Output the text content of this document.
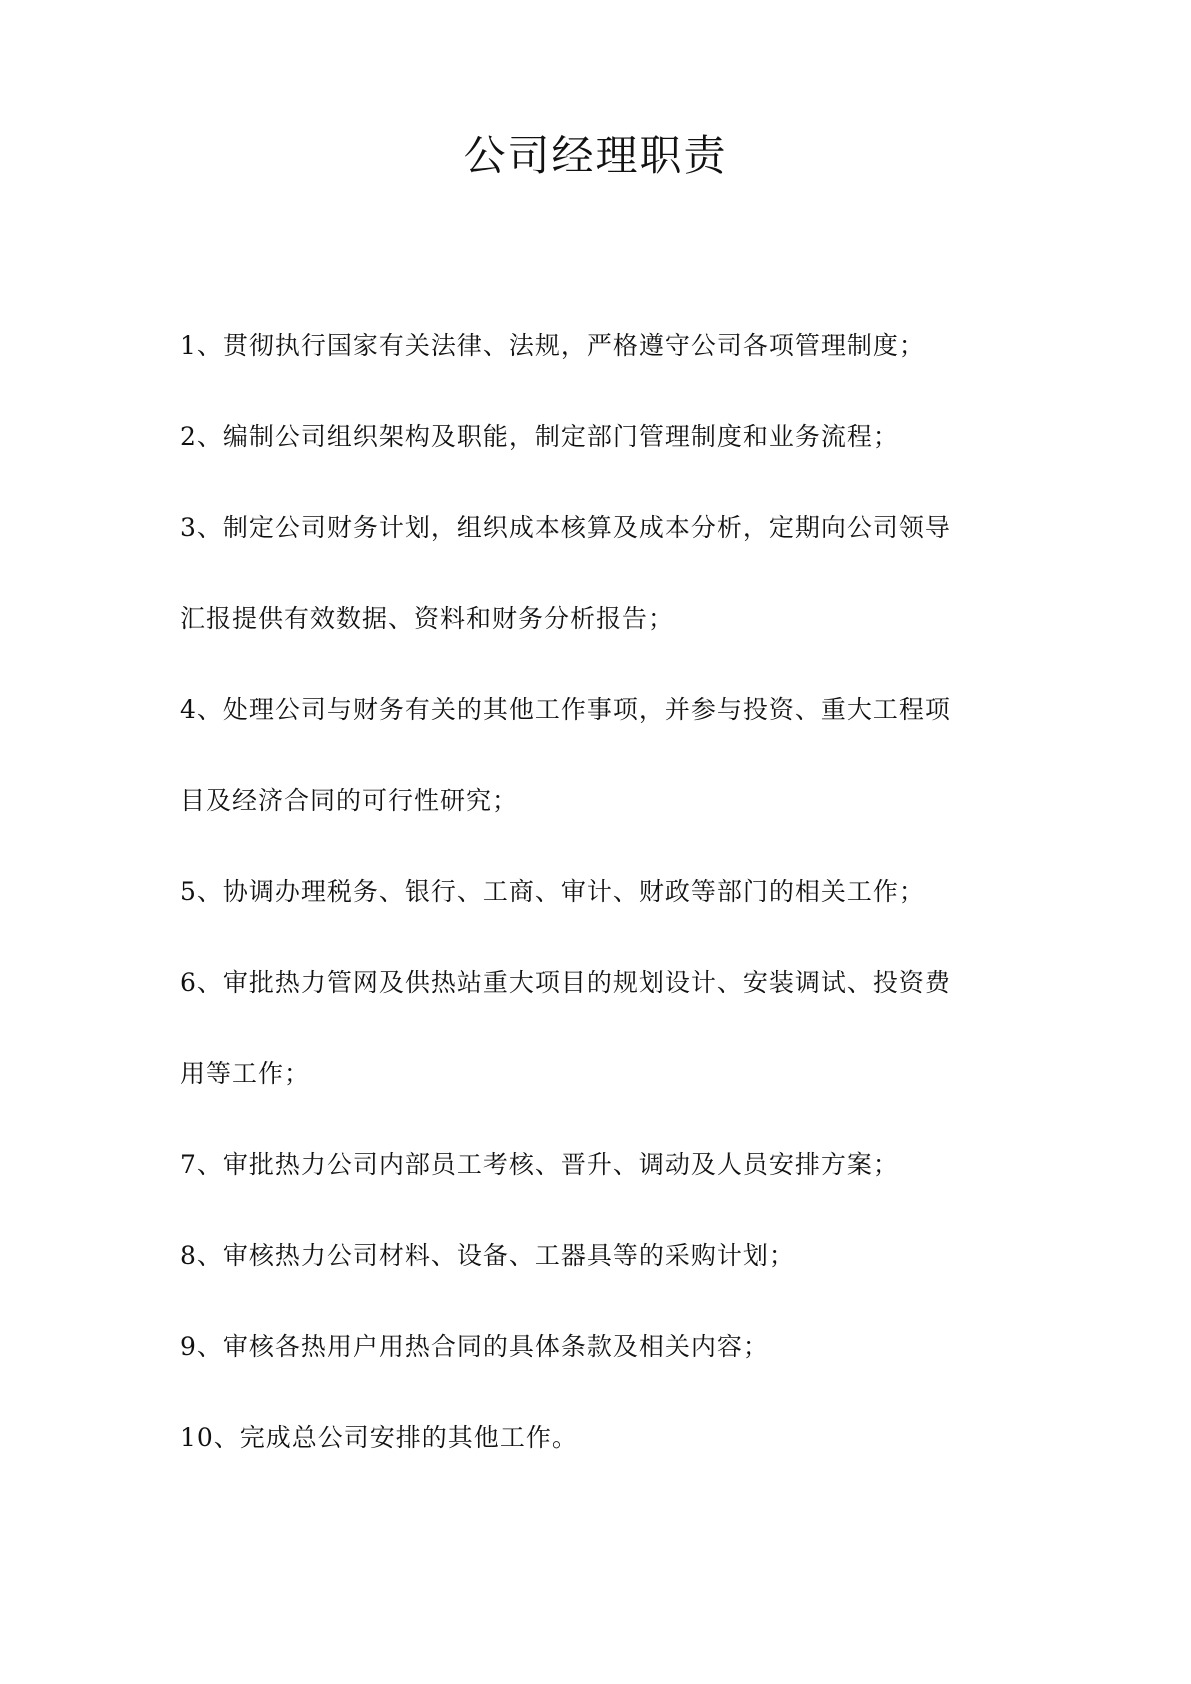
公司经理职责

1、贯彻执行国家有关法律、法规，严格遵守公司各项管理制度；

2、编制公司组织架构及职能，制定部门管理制度和业务流程；

3、制定公司财务计划，组织成本核算及成本分析，定期向公司领导

汇报提供有效数据、资料和财务分析报告；

4、处理公司与财务有关的其他工作事项，并参与投资、重大工程项

目及经济合同的可行性研究；

5、协调办理税务、银行、工商、审计、财政等部门的相关工作；

6、审批热力管网及供热站重大项目的规划设计、安装调试、投资费

用等工作；

7、审批热力公司内部员工考核、晋升、调动及人员安排方案；

8、审核热力公司材料、设备、工器具等的采购计划；

9、审核各热用户用热合同的具体条款及相关内容；

10、完成总公司安排的其他工作。
